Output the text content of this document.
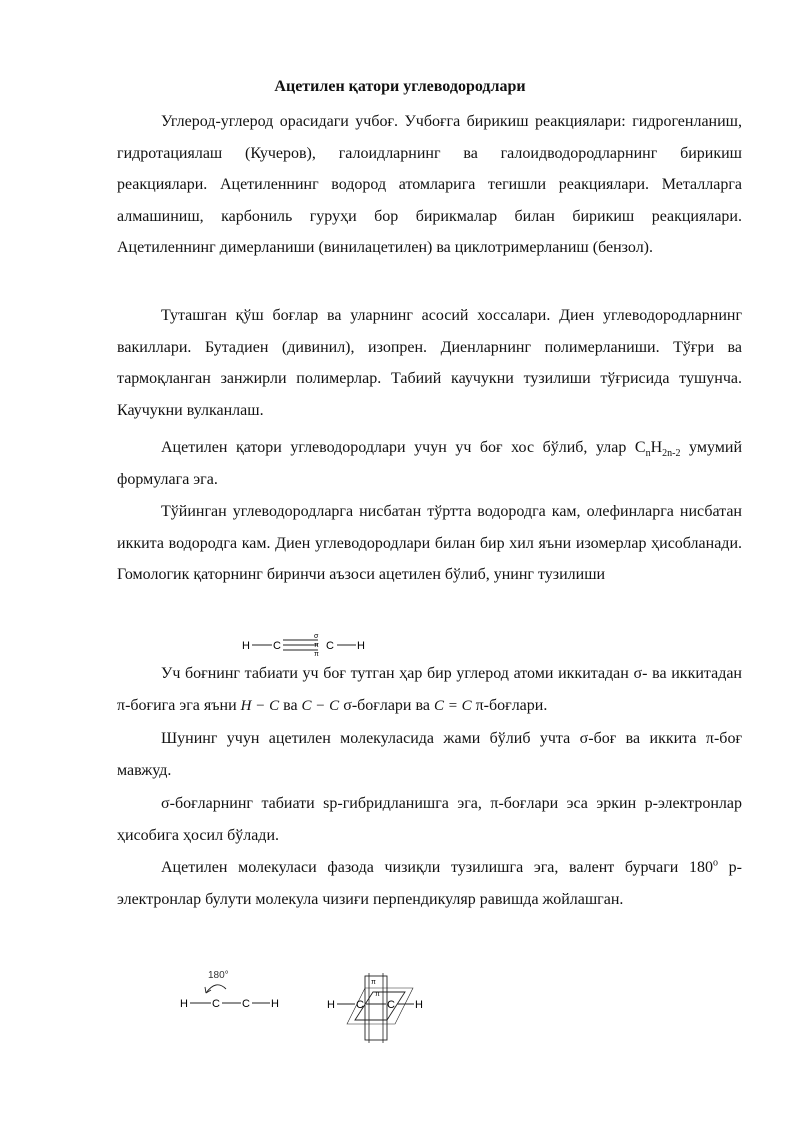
Ацетилен қатори углеводородлари

Углерод-углерод орасидаги учбоғ. Учбоғга бирикиш реакциялари: гидрогенланиш, гидротациялаш (Кучеров), галоидларнинг ва галоидводородларнинг бирикиш реакциялари. Ацетиленнинг водород атомларига тегишли реакциялари. Металларга алмашиниш, карбониль гуруҳи бор бирикмалар билан бирикиш реакциялари. Ацетиленнинг димерланиши (винилацетилен) ва циклотримерланиш (бензол).

Туташган қўш боғлар ва уларнинг асосий хоссалари. Диен углеводородларнинг вакиллари. Бутадиен (дивинил), изопрен. Диенларнинг полимерланиши. Тўғри ва тармоқланган занжирли полимерлар. Табиий каучукни тузилиши тўғрисида тушунча. Каучукни вулканлаш.

Ацетилен қатори углеводородлари учун уч боғ хос бўлиб, улар $C_nH_{2n-2}$ умумий формулага эга.

Тўйинган углеводородларга нисбатан тўртта водородга кам, олефинларга нисбатан иккита водородга кам. Диен углеводородлари билан бир хил яъни изомерлар ҳисобланади. Гомологик қаторнинг биринчи аъзоси ацетилен бўлиб, унинг тузилиши

H C
σ
π
π
C H

Уч боғнинг табиати уч боғ тутган ҳар бир углерод атоми иккитадан σ- ва иккитадан π-боғига эга яъни H − C ва C − C σ-боғлари ва C = C π-боғлари.

Шунинг учун ацетилен молекуласида жами бўлиб учта σ-боғ ва иккита π-боғ мавжуд.

σ-боғларнинг табиати sp-гибридланишга эга, π-боғлари эса эркин p-электронлар ҳисобига ҳосил бўлади.

Ацетилен молекуласи фазода чизиқли тузилишга эга, валент бурчаги 180$^o$ p-электронлар булути молекула чизиғи перпендикуляр равишда жойлашган.

180°
H C C H	H C C H
π
π
